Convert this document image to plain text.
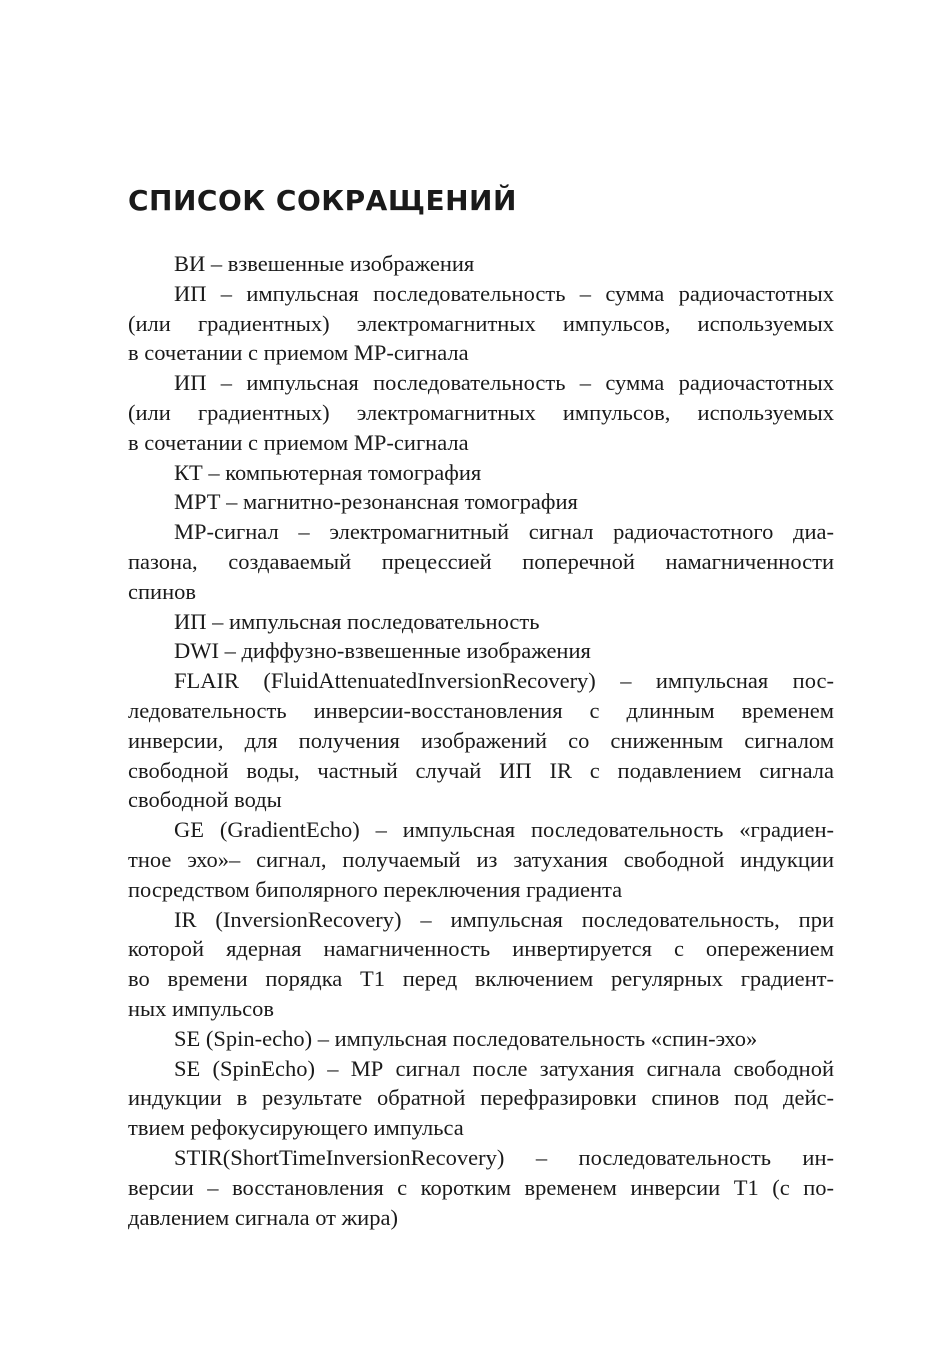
СПИСОК СОКРАЩЕНИЙ

ВИ – взвешенные изображения

ИП – импульсная последовательность – сумма радиочастотных
(или градиентных) электромагнитных импульсов, используемых
в сочетании с приемом МР-сигнала

ИП – импульсная последовательность – сумма радиочастотных
(или градиентных) электромагнитных импульсов, используемых
в сочетании с приемом МР-сигнала

КТ – компьютерная томография

МРТ – магнитно-резонансная томография

МР-сигнал – электромагнитный сигнал радиочастотного диа-
пазона, создаваемый прецессией поперечной намагниченности
спинов

ИП – импульсная последовательность

DWI – диффузно-взвешенные изображения

FLAIR (FluidAttenuatedInversionRecovery) – импульсная пос-
ледовательность инверсии-восстановления с длинным временем
инверсии, для получения изображений со сниженным сигналом
свободной воды, частный случай ИП IR с подавлением сигнала
свободной воды

GE (GradientEcho) – импульсная последовательность «градиен-
тное эхо»– сигнал, получаемый из затухания свободной индукции
посредством биполярного переключения градиента

IR (InversionRecovery) – импульсная последовательность, при
которой ядерная намагниченность инвертируется с опережением
во времени порядка Т1 перед включением регулярных градиент-
ных импульсов

SE (Spin-echo) – импульсная последовательность «спин-эхо»

SE (SpinEcho) – МР сигнал после затухания сигнала свободной
индукции в результате обратной перефразировки спинов под дейс-
твием рефокусирующего импульса

STIR(ShortTimeInversionRecovery) – последовательность ин-
версии – восстановления с коротким временем инверсии Т1 (с по-
давлением сигнала от жира)
